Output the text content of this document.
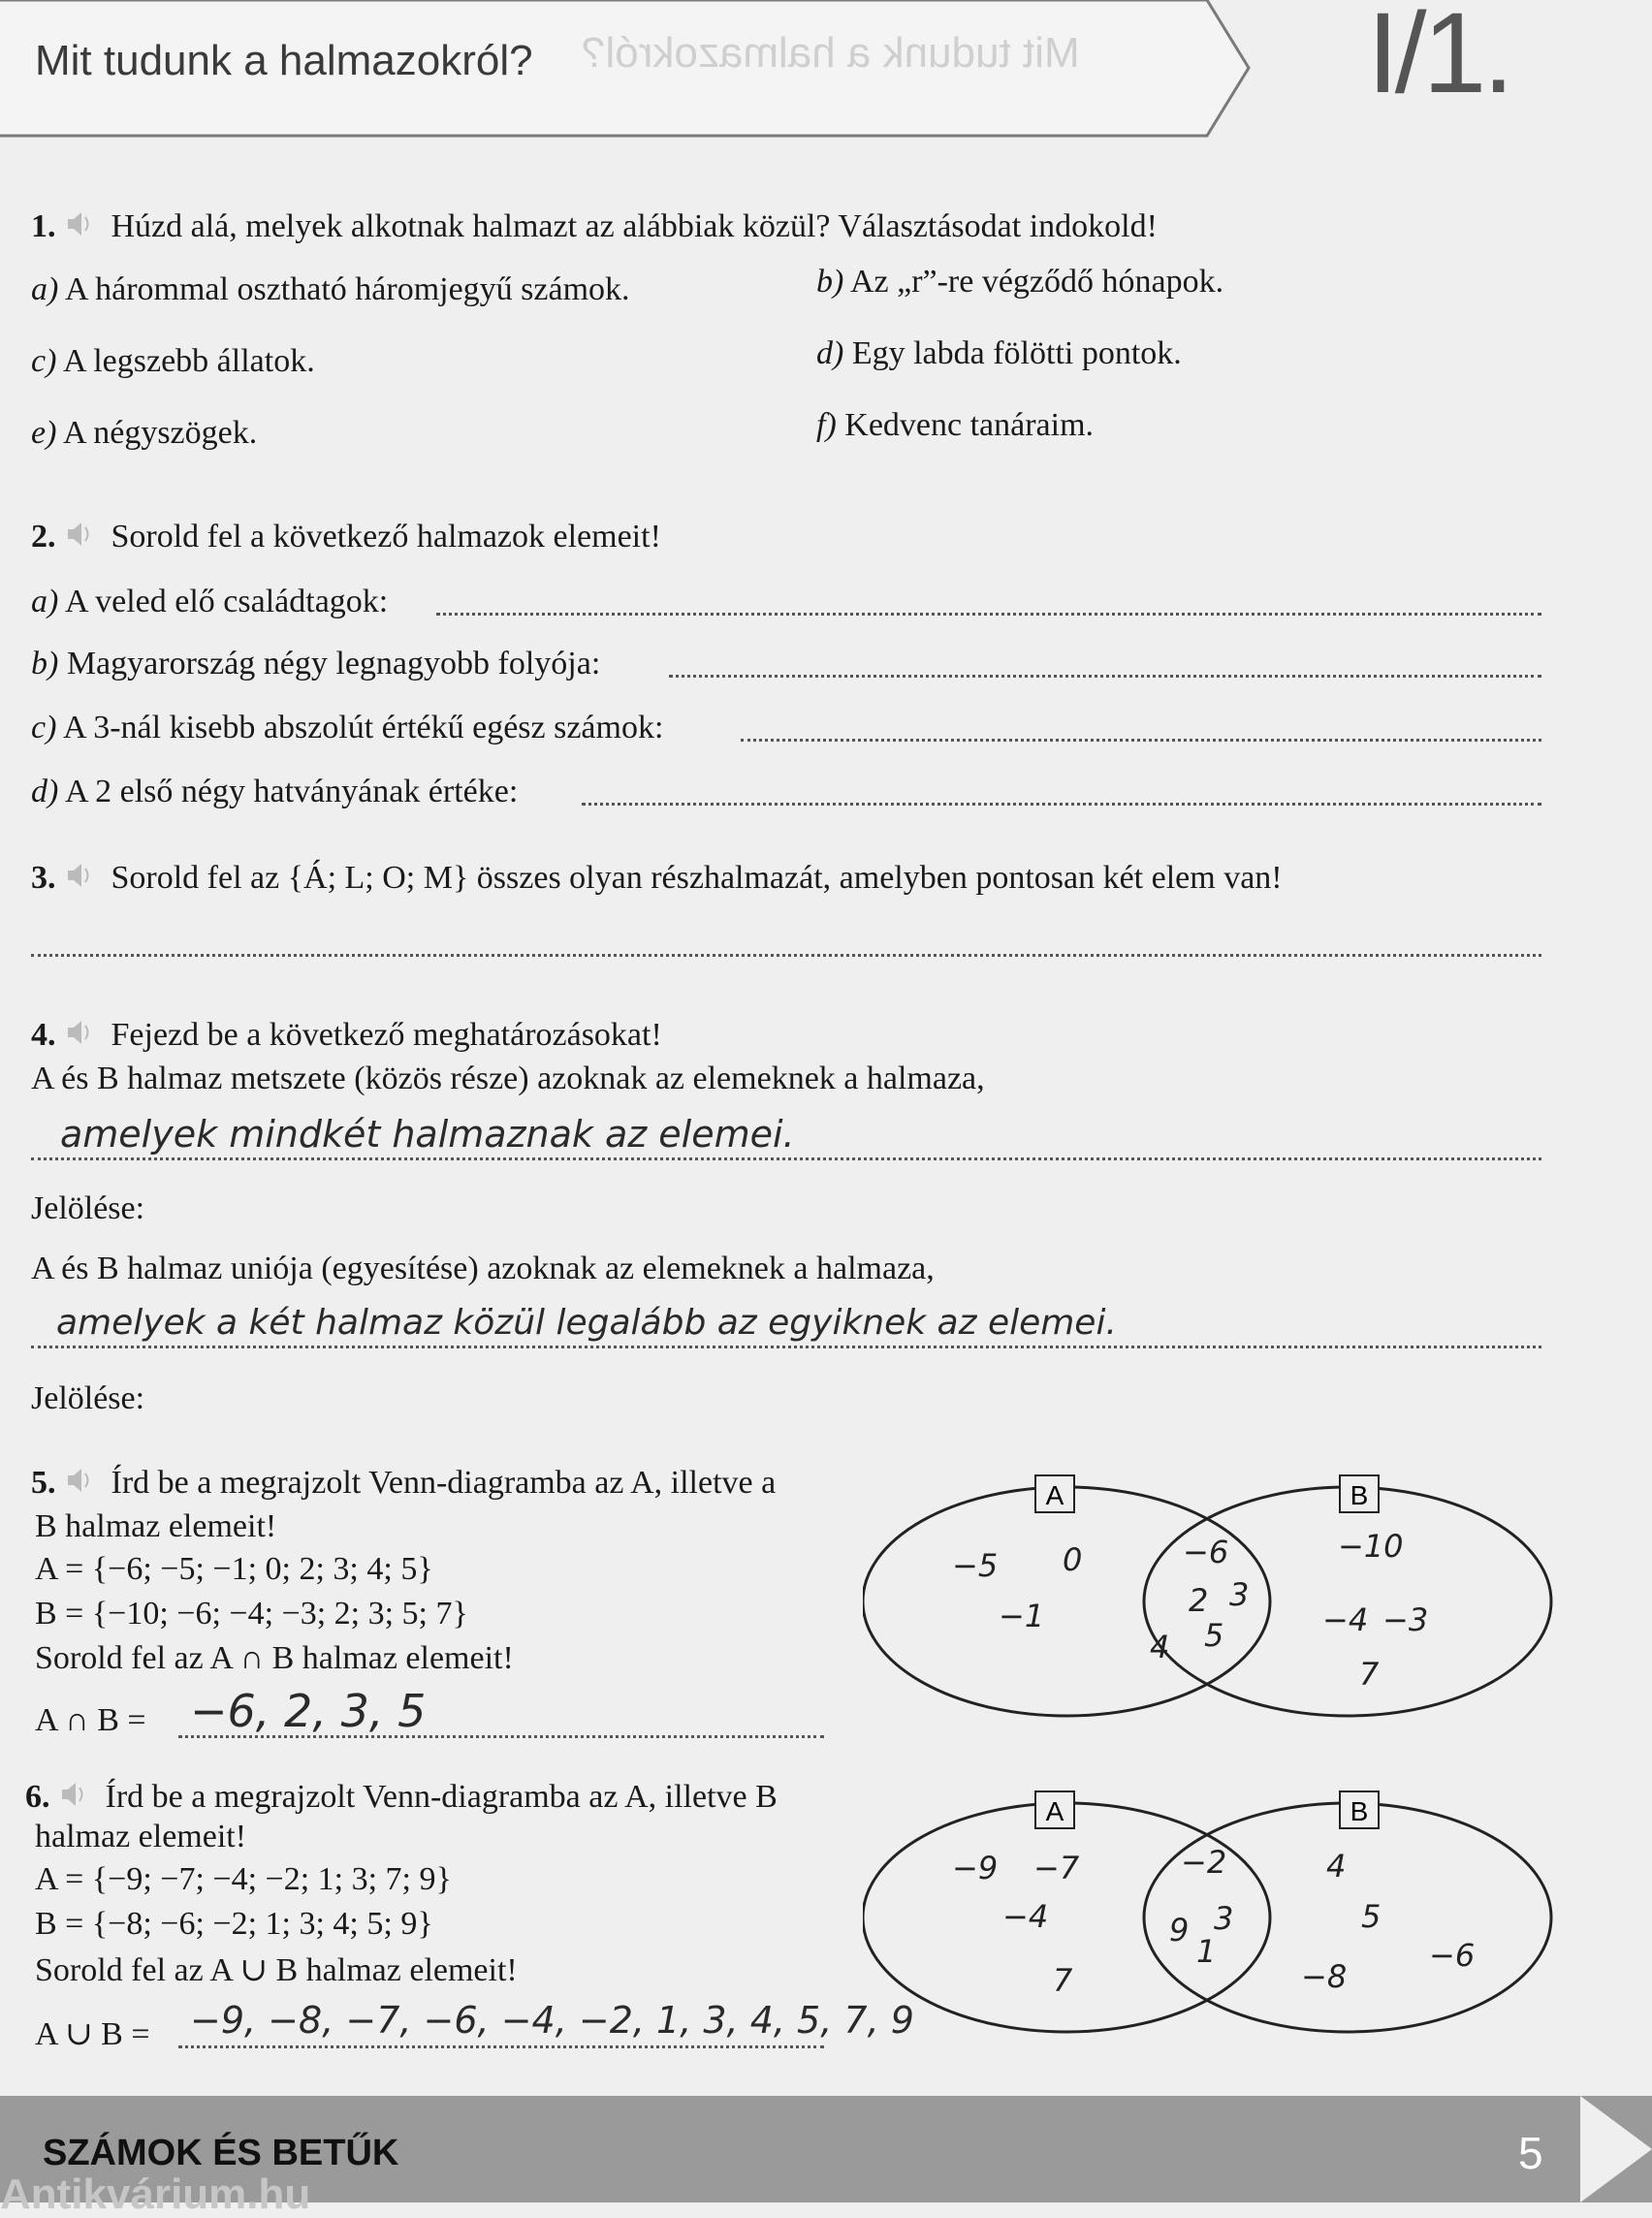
Mit tudunk a halmazokról? Mit tudunk a halmazokról?	I/1.
1. Húzd alá, melyek alkotnak halmazt az alábbiak közül? Választásodat indokold!
a) A hárommal osztható háromjegyű számok.	b) Az „r”-re végződő hónapok.
c) A legszebb állatok.	d) Egy labda fölötti pontok.
e) A négyszögek.	f) Kedvenc tanáraim.
2. Sorold fel a következő halmazok elemeit!
a) A veled elő családtagok:
b) Magyarország négy legnagyobb folyója:
c) A 3-nál kisebb abszolút értékű egész számok:
d) A 2 első négy hatványának értéke:
3. Sorold fel az {Á; L; O; M} összes olyan részhalmazát, amelyben pontosan két elem van!
4. Fejezd be a következő meghatározásokat!
A és B halmaz metszete (közös része) azoknak az elemeknek a halmaza,
amelyek mindkét halmaznak az elemei.
Jelölése:
A és B halmaz uniója (egyesítése) azoknak az elemeknek a halmaza,
amelyek a két halmaz közül legalább az egyiknek az elemei.
Jelölése:
5. Írd be a megrajzolt Venn-diagramba az A, illetve a
B halmaz elemeit!
A = {−6; −5; −1; 0; 2; 3; 4; 5}
B = {−10; −6; −4; −3; 2; 3; 5; 7}
Sorold fel az A ∩ B halmaz elemeit!
A ∩ B = −6, 2, 3, 5
A	B
−5 0
−1
4
−6
2 3
5
−10
−4 −3
7
6. Írd be a megrajzolt Venn-diagramba az A, illetve B
halmaz elemeit!
A = {−9; −7; −4; −2; 1; 3; 7; 9}
B = {−8; −6; −2; 1; 3; 4; 5; 9}
Sorold fel az A ∪ B halmaz elemeit!
A ∪ B = −9, −8, −7, −6, −4, −2, 1, 3, 4, 5, 7, 9
A	B
−9 −7
−4
7
−2
9 3
1
4
5
−8
−6
SZÁMOK ÉS BETŰK	5
Antikvárium.hu
